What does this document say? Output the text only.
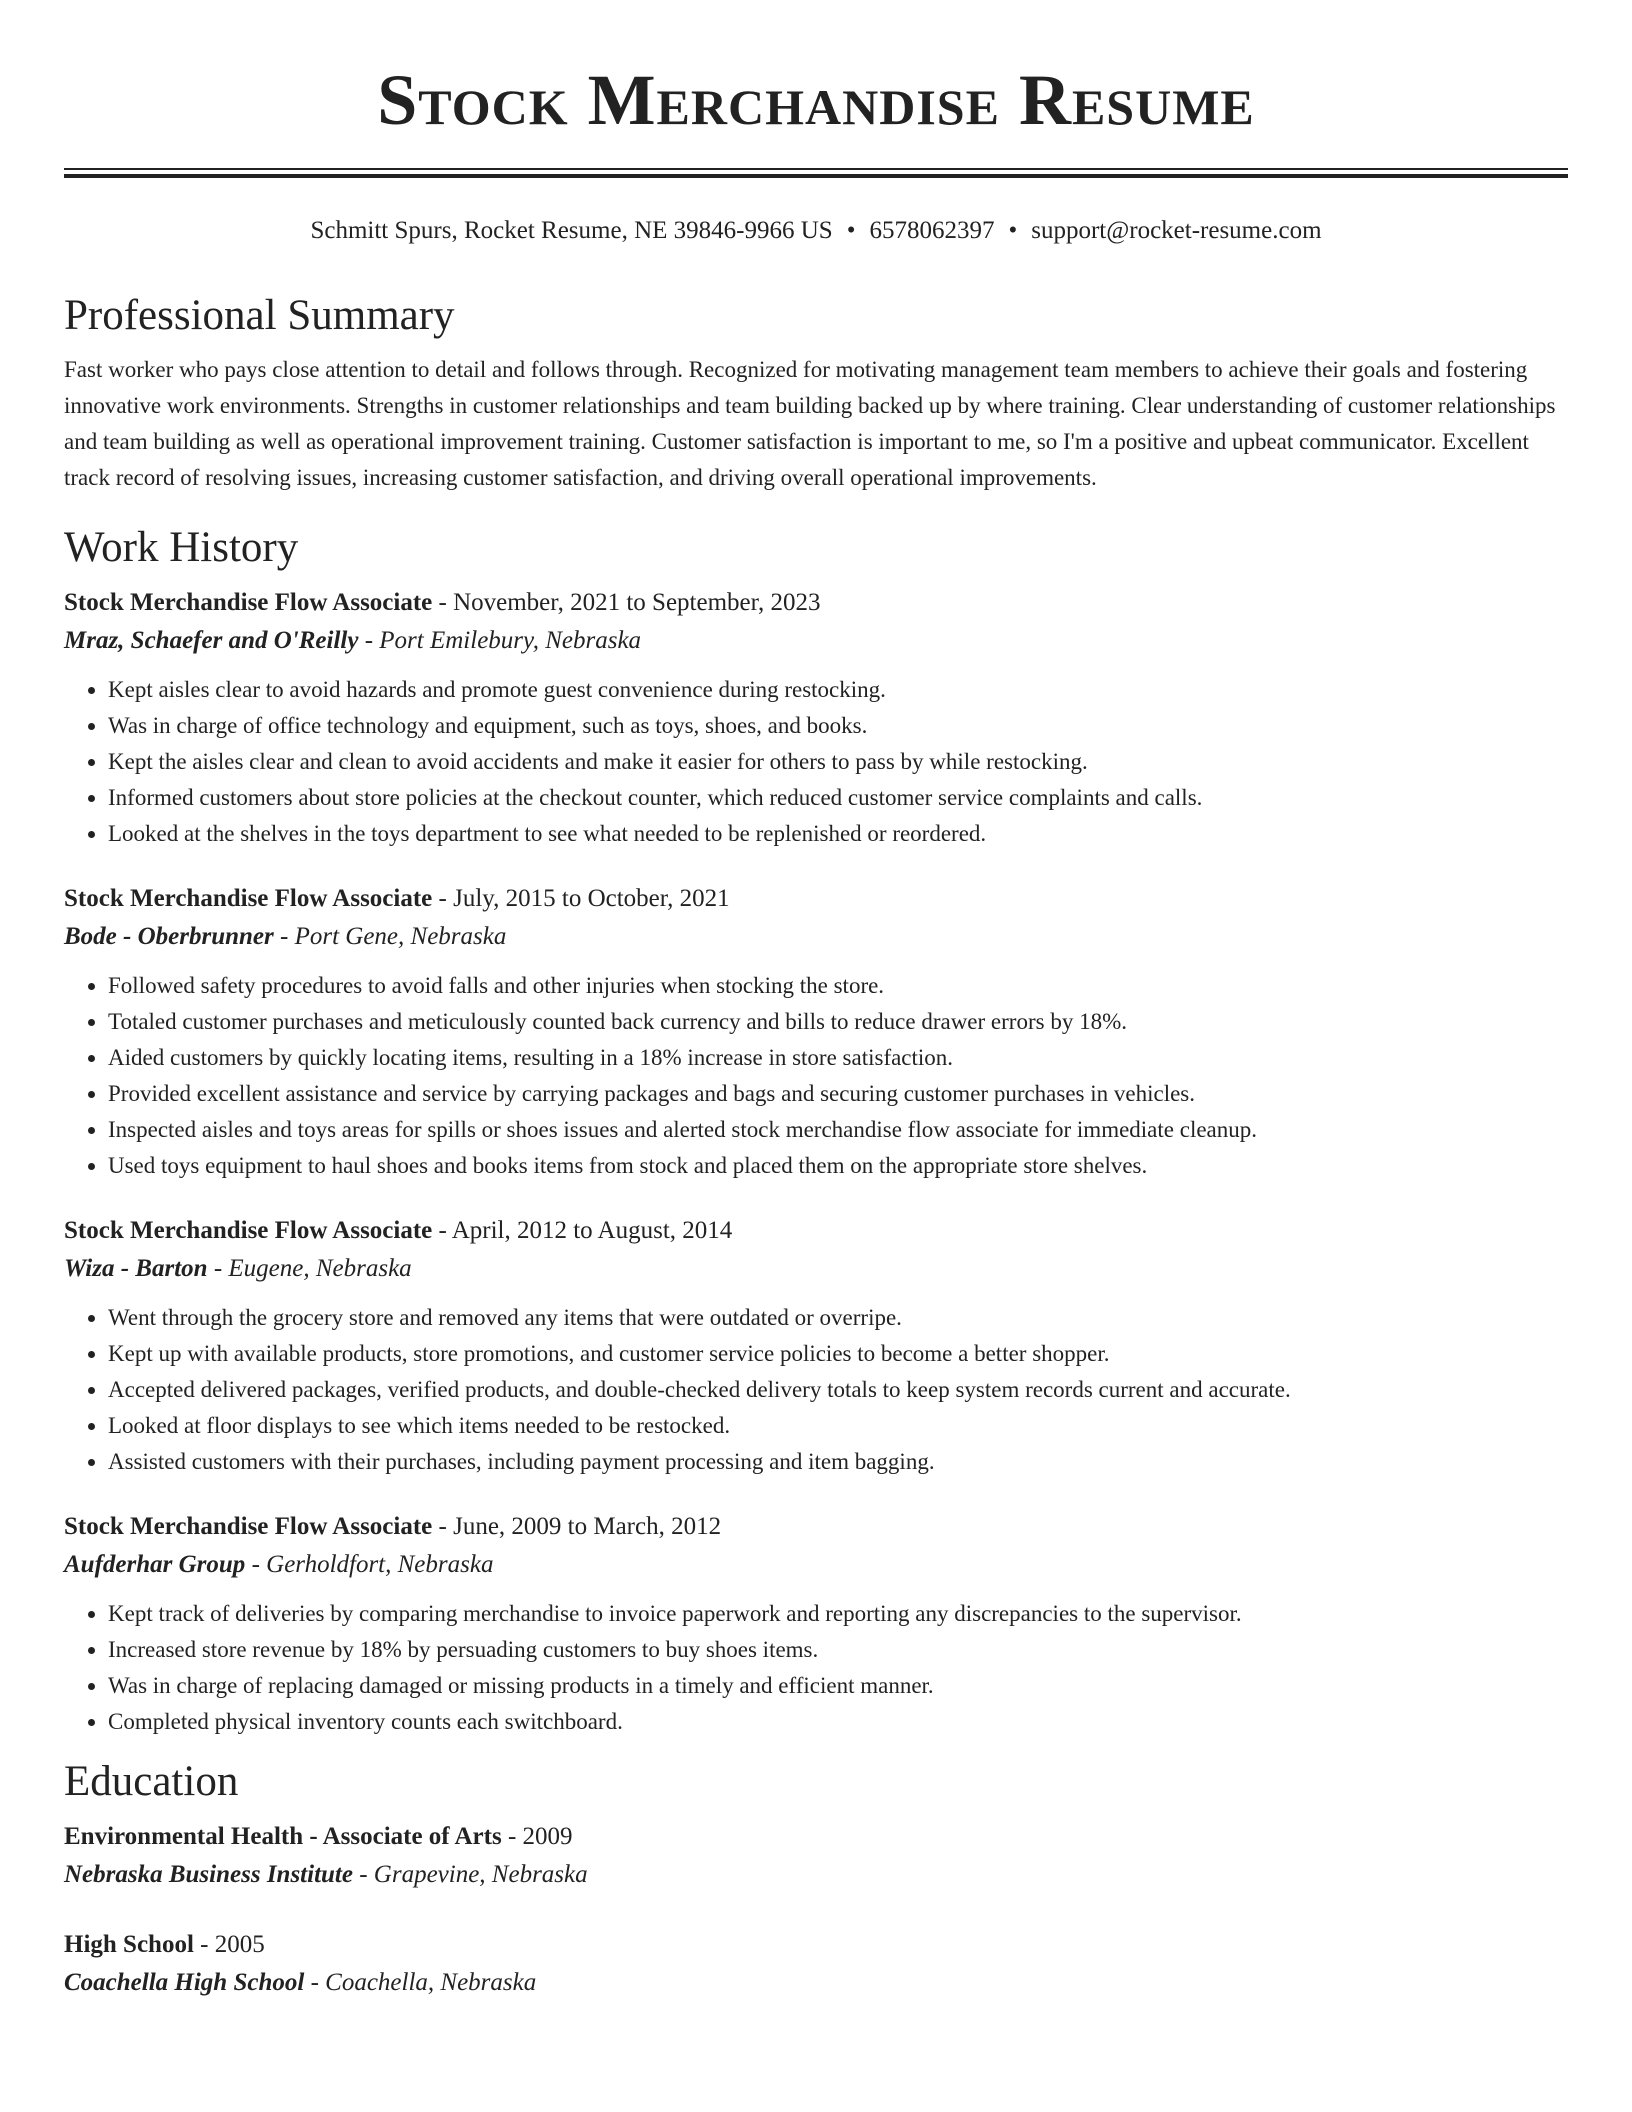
Stock Merchandise Resume
Schmitt Spurs, Rocket Resume, NE 39846-9966 US • 6578062397 • support@rocket-resume.com
Professional Summary

Fast worker who pays close attention to detail and follows through. Recognized for motivating management team members to achieve their goals and fostering innovative work environments. Strengths in customer relationships and team building backed up by where training. Clear understanding of customer relationships and team building as well as operational improvement training. Customer satisfaction is important to me, so I'm a positive and upbeat communicator. Excellent track record of resolving issues, increasing customer satisfaction, and driving overall operational improvements.

Work History

Stock Merchandise Flow Associate - November, 2021 to September, 2023

Mraz, Schaefer and O'Reilly - Port Emilebury, Nebraska

• Kept aisles clear to avoid hazards and promote guest convenience during restocking.
• Was in charge of office technology and equipment, such as toys, shoes, and books.
• Kept the aisles clear and clean to avoid accidents and make it easier for others to pass by while restocking.
• Informed customers about store policies at the checkout counter, which reduced customer service complaints and calls.
• Looked at the shelves in the toys department to see what needed to be replenished or reordered.

Stock Merchandise Flow Associate - July, 2015 to October, 2021

Bode - Oberbrunner - Port Gene, Nebraska

• Followed safety procedures to avoid falls and other injuries when stocking the store.
• Totaled customer purchases and meticulously counted back currency and bills to reduce drawer errors by 18%.
• Aided customers by quickly locating items, resulting in a 18% increase in store satisfaction.
• Provided excellent assistance and service by carrying packages and bags and securing customer purchases in vehicles.
• Inspected aisles and toys areas for spills or shoes issues and alerted stock merchandise flow associate for immediate cleanup.
• Used toys equipment to haul shoes and books items from stock and placed them on the appropriate store shelves.

Stock Merchandise Flow Associate - April, 2012 to August, 2014

Wiza - Barton - Eugene, Nebraska

• Went through the grocery store and removed any items that were outdated or overripe.
• Kept up with available products, store promotions, and customer service policies to become a better shopper.
• Accepted delivered packages, verified products, and double-checked delivery totals to keep system records current and accurate.
• Looked at floor displays to see which items needed to be restocked.
• Assisted customers with their purchases, including payment processing and item bagging.

Stock Merchandise Flow Associate - June, 2009 to March, 2012

Aufderhar Group - Gerholdfort, Nebraska

• Kept track of deliveries by comparing merchandise to invoice paperwork and reporting any discrepancies to the supervisor.
• Increased store revenue by 18% by persuading customers to buy shoes items.
• Was in charge of replacing damaged or missing products in a timely and efficient manner.
• Completed physical inventory counts each switchboard.
Education

Environmental Health - Associate of Arts - 2009

Nebraska Business Institute - Grapevine, Nebraska

High School - 2005

Coachella High School - Coachella, Nebraska
